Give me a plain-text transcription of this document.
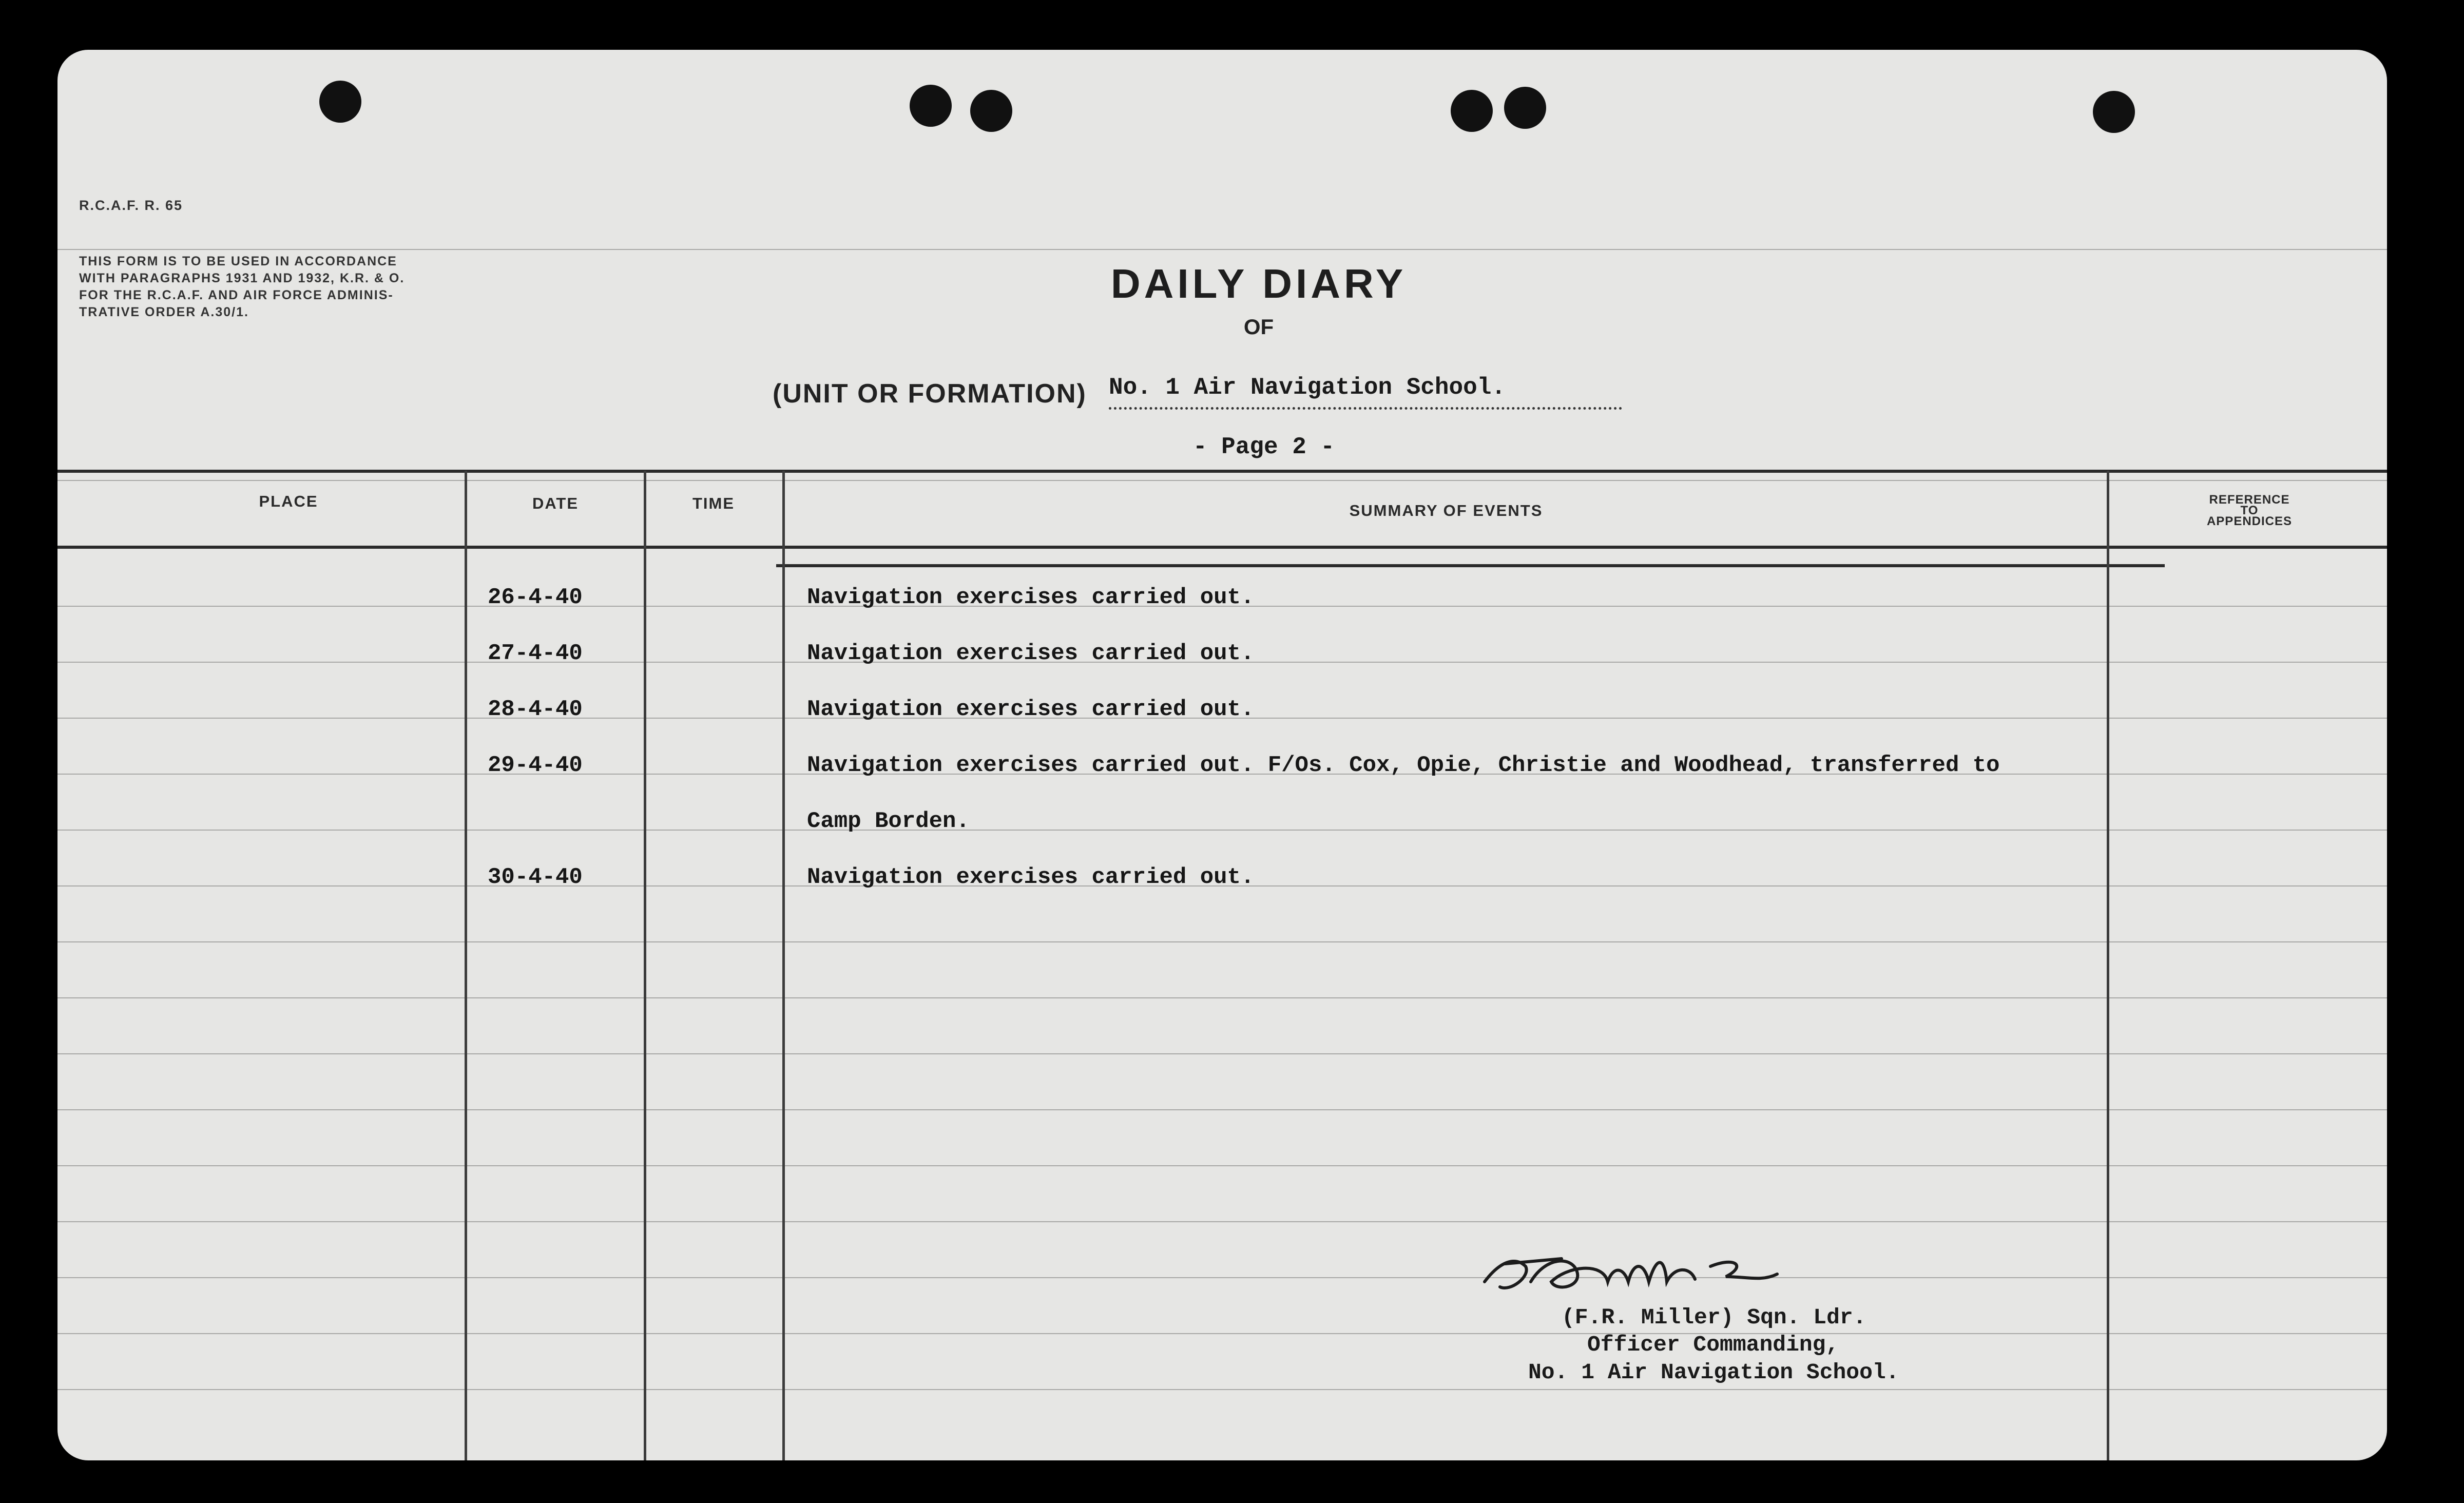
R.C.A.F. R. 65
THIS FORM IS TO BE USED IN ACCORDANCE
WITH PARAGRAPHS 1931 AND 1932, K.R. & O.
FOR THE R.C.A.F. AND AIR FORCE ADMINIS-
TRATIVE ORDER A.30/1.
DAILY DIARY
OF
(UNIT OR FORMATION) No. 1 Air Navigation School.
- Page 2 -
PLACE	DATE	TIME	SUMMARY OF EVENTS
REFERENCE
TO
APPENDICES
26-4-40	Navigation exercises carried out.
27-4-40	Navigation exercises carried out.
28-4-40	Navigation exercises carried out.
29-4-40	Navigation exercises carried out. F/Os. Cox, Opie, Christie and Woodhead, transferred to
Camp Borden.
30-4-40	Navigation exercises carried out.
(F.R. Miller) Sqn. Ldr.
Officer Commanding,
No. 1 Air Navigation School.
